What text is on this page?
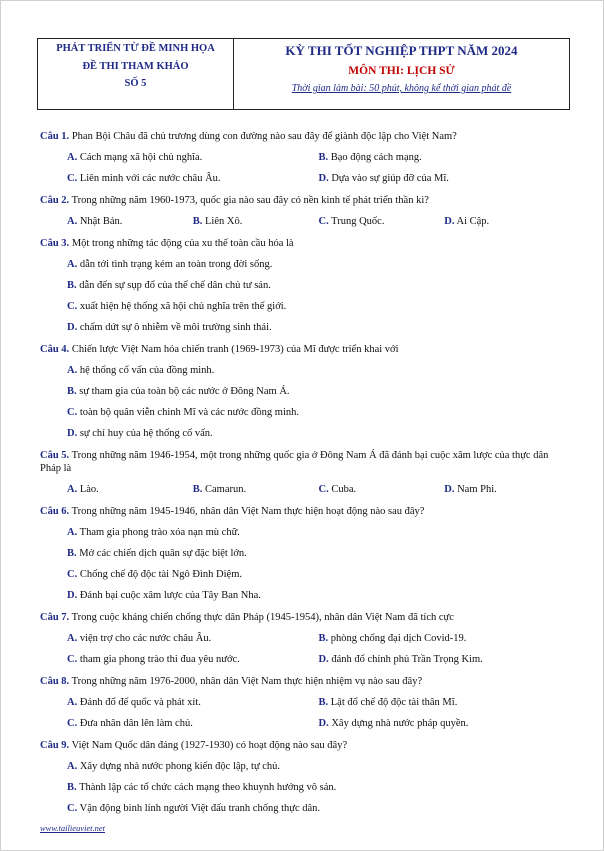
PHÁT TRIỂN TỪ ĐỀ MINH HỌA
ĐỀ THI THAM KHẢO
SỐ 5
KỲ THI TỐT NGHIỆP THPT NĂM 2024
MÔN THI: LỊCH SỬ
Thời gian làm bài: 50 phút, không kể thời gian phát đề

Câu 1. Phan Bội Châu đã chủ trương dùng con đường nào sau đây để giành độc lập cho Việt Nam?

A. Cách mạng xã hội chủ nghĩa.	B. Bạo động cách mạng.
C. Liên minh với các nước châu Âu.	D. Dựa vào sự giúp đỡ của Mĩ.

Câu 2. Trong những năm 1960-1973, quốc gia nào sau đây có nền kinh tế phát triển thần kì?

A. Nhật Bản.	B. Liên Xô.	C. Trung Quốc.	D. Ai Cập.

Câu 3. Một trong những tác động của xu thế toàn cầu hóa là

A. dẫn tới tình trạng kém an toàn trong đời sống.
B. dẫn đến sự sụp đổ của thể chế dân chủ tư sản.
C. xuất hiện hệ thống xã hội chủ nghĩa trên thế giới.
D. chấm dứt sự ô nhiễm về môi trường sinh thái.

Câu 4. Chiến lược Việt Nam hóa chiến tranh (1969-1973) của Mĩ được triển khai với

A. hệ thống cố vấn của đồng minh.
B. sự tham gia của toàn bộ các nước ở Đông Nam Á.
C. toàn bộ quân viễn chinh Mĩ và các nước đồng minh.
D. sự chỉ huy của hệ thống cố vấn.

Câu 5. Trong những năm 1946-1954, một trong những quốc gia ở Đông Nam Á đã đánh bại cuộc xâm lược của thực dân Pháp là

A. Lào.	B. Camarun.	C. Cuba.	D. Nam Phi.

Câu 6. Trong những năm 1945-1946, nhân dân Việt Nam thực hiện hoạt động nào sau đây?

A. Tham gia phong trào xóa nạn mù chữ.
B. Mở các chiến dịch quân sự đặc biệt lớn.
C. Chống chế độ độc tài Ngô Đình Diệm.
D. Đánh bại cuộc xâm lược của Tây Ban Nha.

Câu 7. Trong cuộc kháng chiến chống thực dân Pháp (1945-1954), nhân dân Việt Nam đã tích cực

A. viện trợ cho các nước châu Âu.	B. phòng chống đại dịch Covid-19.
C. tham gia phong trào thi đua yêu nước.	D. đánh đổ chính phủ Trần Trọng Kim.

Câu 8. Trong những năm 1976-2000, nhân dân Việt Nam thực hiện nhiệm vụ nào sau đây?

A. Đánh đổ đế quốc và phát xít.	B. Lật đổ chế độ độc tài thân Mĩ.
C. Đưa nhân dân lên làm chủ.	D. Xây dựng nhà nước pháp quyền.

Câu 9. Việt Nam Quốc dân đảng (1927-1930) có hoạt động nào sau đây?

A. Xây dựng nhà nước phong kiến độc lập, tự chủ.
B. Thành lập các tổ chức cách mạng theo khuynh hướng vô sản.
C. Vận động binh lính người Việt đấu tranh chống thực dân.
www.tailieuviet.net
